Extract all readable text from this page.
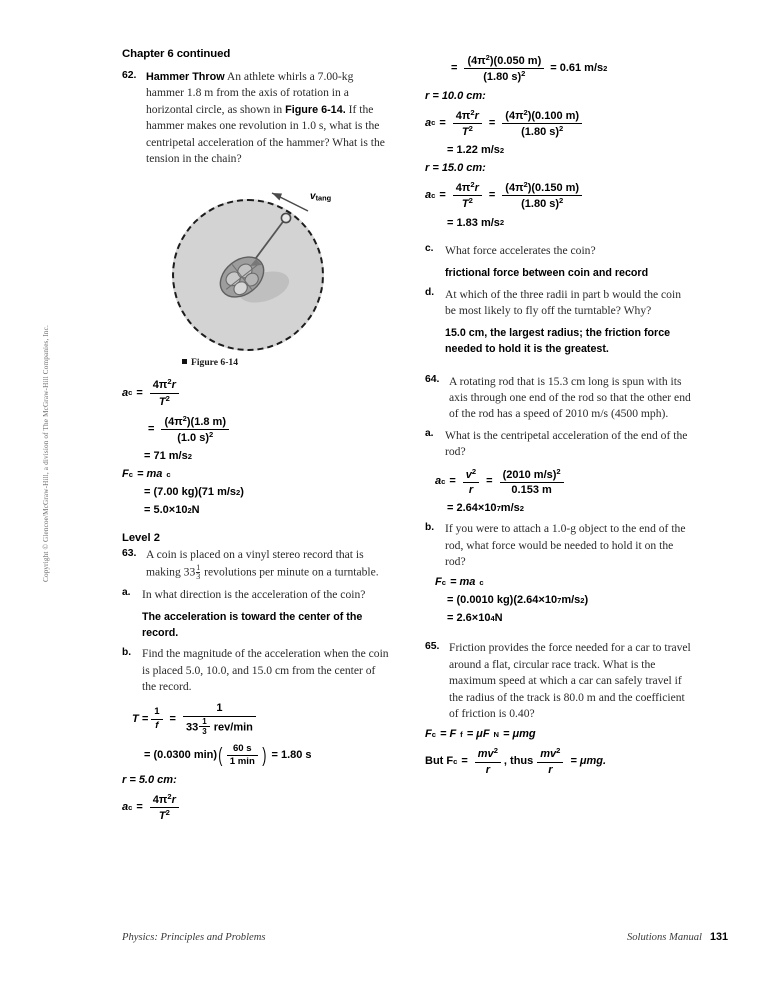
Copyright © Glencoe/McGraw-Hill, a division of The McGraw-Hill Companies, Inc.
Chapter 6 continued
62. Hammer Throw An athlete whirls a 7.00-kg hammer 1.8 m from the axis of rotation in a horizontal circle, as shown in Figure 6-14. If the hammer makes one revolution in 1.0 s, what is the centripetal acceleration of the hammer? What is the tension in the chain?
vtang
Figure 6-14
a $c = \frac{4\pi^2r}{T^2}$
= $\frac{(4\pi^2)(1.8 m)}{(1.0 s)^2}$
= 71 m/s 2
F c = ma c
= (7.00 kg)(71 m/s 2 )
= 5.0×10 2 N
Level 2
63. A coin is placed on a vinyl stereo record that is making $33 \frac{1}{3}$ revolutions per minute on a turntable.
a. In what direction is the acceleration of the coin?
The acceleration is toward the center of the record.
b. Find the magnitude of the acceleration when the coin is placed 5.0, 10.0, and 15.0 cm from the center of the record.
$T = \frac{1}{f} = \frac{1}{33 \frac{1}{3} rev/\min}$
= (0.0300 min) ( $\frac{60 s}{1 \min}$ ) = 1.80 s
r = 5.0 cm:
a $c = \frac{4\pi^2r}{T^2}$
= $\frac{(4\pi^2)(0.050 m)}{(1.80 s)^2} = 0.61$ m/s 2
r = 10.0 cm:
a $c = \frac{4\pi^2r}{T^2} = \frac{(4\pi^2)(0.100 m)}{(1.80 s)^2}$
= 1.22 m/s 2
r = 15.0 cm:
a $c = \frac{4\pi^2r}{T^2} = \frac{(4\pi^2)(0.150 m)}{(1.80 s)^2}$
= 1.83 m/s 2
c. What force accelerates the coin?
frictional force between coin and record
d. At which of the three radii in part b would the coin be most likely to fly off the turntable? Why?
15.0 cm, the largest radius; the friction force needed to hold it is the greatest.
64. A rotating rod that is 15.3 cm long is spun with its axis through one end of the rod so that the other end of the rod has a speed of 2010 m/s (4500 mph).
a. What is the centripetal acceleration of the end of the rod?
a $c = \frac{v^2}{r} = \frac{(2010 m/s)^2}{0.153 m}$
= 2.64×10 7 m/s 2
b. If you were to attach a 1.0-g object to the end of the rod, what force would be needed to hold it on the rod?
F c = ma c
= (0.0010 kg)(2.64×10 7 m/s 2 )
= 2.6×10 4 N
65. Friction provides the force needed for a car to travel around a flat, circular race track. What is the maximum speed at which a car can safely travel if the radius of the track is 80.0 m and the coefficient of friction is 0.40?
F c = F f = μF N = μmg
But F $c = \frac{mv^2}{r}$ , thus $\frac{mv^2}{r} = \mu mg$.
Physics: Principles and Problems	Solutions Manual 131
